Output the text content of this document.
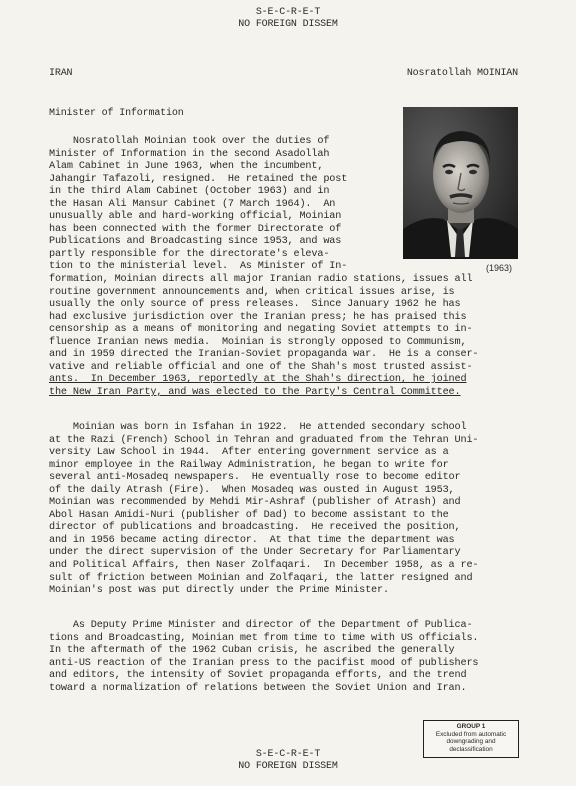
S-E-C-R-E-T
NO FOREIGN DISSEM
IRAN	Nosratollah MOINIAN
Minister of Information
(1963)
Nosratollah Moinian took over the duties of
Minister of Information in the second Asadollah
Alam Cabinet in June 1963, when the incumbent,
Jahangir Tafazoli, resigned.  He retained the post
in the third Alam Cabinet (October 1963) and in
the Hasan Ali Mansur Cabinet (7 March 1964).  An
unusually able and hard-working official, Moinian
has been connected with the former Directorate of
Publications and Broadcasting since 1953, and was
partly responsible for the directorate's eleva-
tion to the ministerial level.  As Minister of In-
formation, Moinian directs all major Iranian radio stations, issues all
routine government announcements and, when critical issues arise, is
usually the only source of press releases.  Since January 1962 he has
had exclusive jurisdiction over the Iranian press; he has praised this
censorship as a means of monitoring and negating Soviet attempts to in-
fluence Iranian news media.  Moinian is strongly opposed to Communism,
and in 1959 directed the Iranian-Soviet propaganda war.  He is a conser-
vative and reliable official and one of the Shah's most trusted assist-
ants.  In December 1963, reportedly at the Shah's direction, he joined
the New Iran Party, and was elected to the Party's Central Committee.
Moinian was born in Isfahan in 1922.  He attended secondary school
at the Razi (French) School in Tehran and graduated from the Tehran Uni-
versity Law School in 1944.  After entering government service as a
minor employee in the Railway Administration, he began to write for
several anti-Mosadeq newspapers.  He eventually rose to become editor
of the daily Atrash (Fire).  When Mosadeq was ousted in August 1953,
Moinian was recommended by Mehdi Mir-Ashraf (publisher of Atrash) and
Abol Hasan Amidi-Nuri (publisher of Dad) to become assistant to the
director of publications and broadcasting.  He received the position,
and in 1956 became acting director.  At that time the department was
under the direct supervision of the Under Secretary for Parliamentary
and Political Affairs, then Naser Zolfaqari.  In December 1958, as a re-
sult of friction between Moinian and Zolfaqari, the latter resigned and
Moinian's post was put directly under the Prime Minister.
As Deputy Prime Minister and director of the Department of Publica-
tions and Broadcasting, Moinian met from time to time with US officials.
In the aftermath of the 1962 Cuban crisis, he ascribed the generally
anti-US reaction of the Iranian press to the pacifist mood of publishers
and editors, the intensity of Soviet propaganda efforts, and the trend
toward a normalization of relations between the Soviet Union and Iran.
GROUP 1
Excluded from automatic
downgrading and
declassification
S-E-C-R-E-T
NO FOREIGN DISSEM
